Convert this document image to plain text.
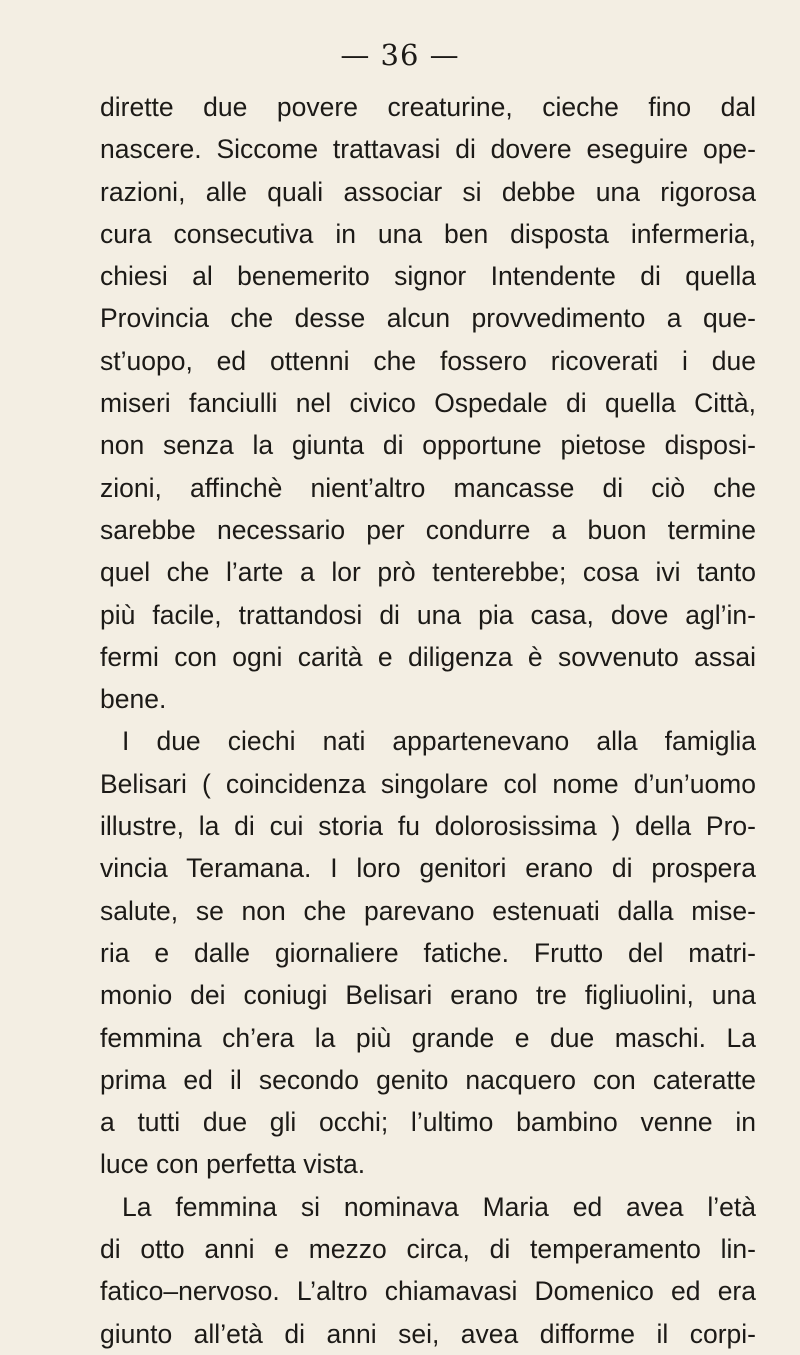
— 36 —
dirette due povere creaturine, cieche fino dal
nascere. Siccome trattavasi di dovere eseguire ope-
razioni, alle quali associar si debbe una rigorosa
cura consecutiva in una ben disposta infermeria,
chiesi al benemerito signor Intendente di quella
Provincia che desse alcun provvedimento a que-
st’uopo, ed ottenni che fossero ricoverati i due
miseri fanciulli nel civico Ospedale di quella Città,
non senza la giunta di opportune pietose disposi-
zioni, affinchè nient’altro mancasse di ciò che
sarebbe necessario per condurre a buon termine
quel che l’arte a lor prò tenterebbe; cosa ivi tanto
più facile, trattandosi di una pia casa, dove agl’in-
fermi con ogni carità e diligenza è sovvenuto assai
bene.
I due ciechi nati appartenevano alla famiglia
Belisari ( coincidenza singolare col nome d’un’uomo
illustre, la di cui storia fu dolorosissima ) della Pro-
vincia Teramana. I loro genitori erano di prospera
salute, se non che parevano estenuati dalla mise-
ria e dalle giornaliere fatiche. Frutto del matri-
monio dei coniugi Belisari erano tre figliuolini, una
femmina ch’era la più grande e due maschi. La
prima ed il secondo genito nacquero con cateratte
a tutti due gli occhi; l’ultimo bambino venne in
luce con perfetta vista.
La femmina si nominava Maria ed avea l’età
di otto anni e mezzo circa, di temperamento lin-
fatico–nervoso. L’altro chiamavasi Domenico ed era
giunto all’età di anni sei, avea difforme il corpi-
